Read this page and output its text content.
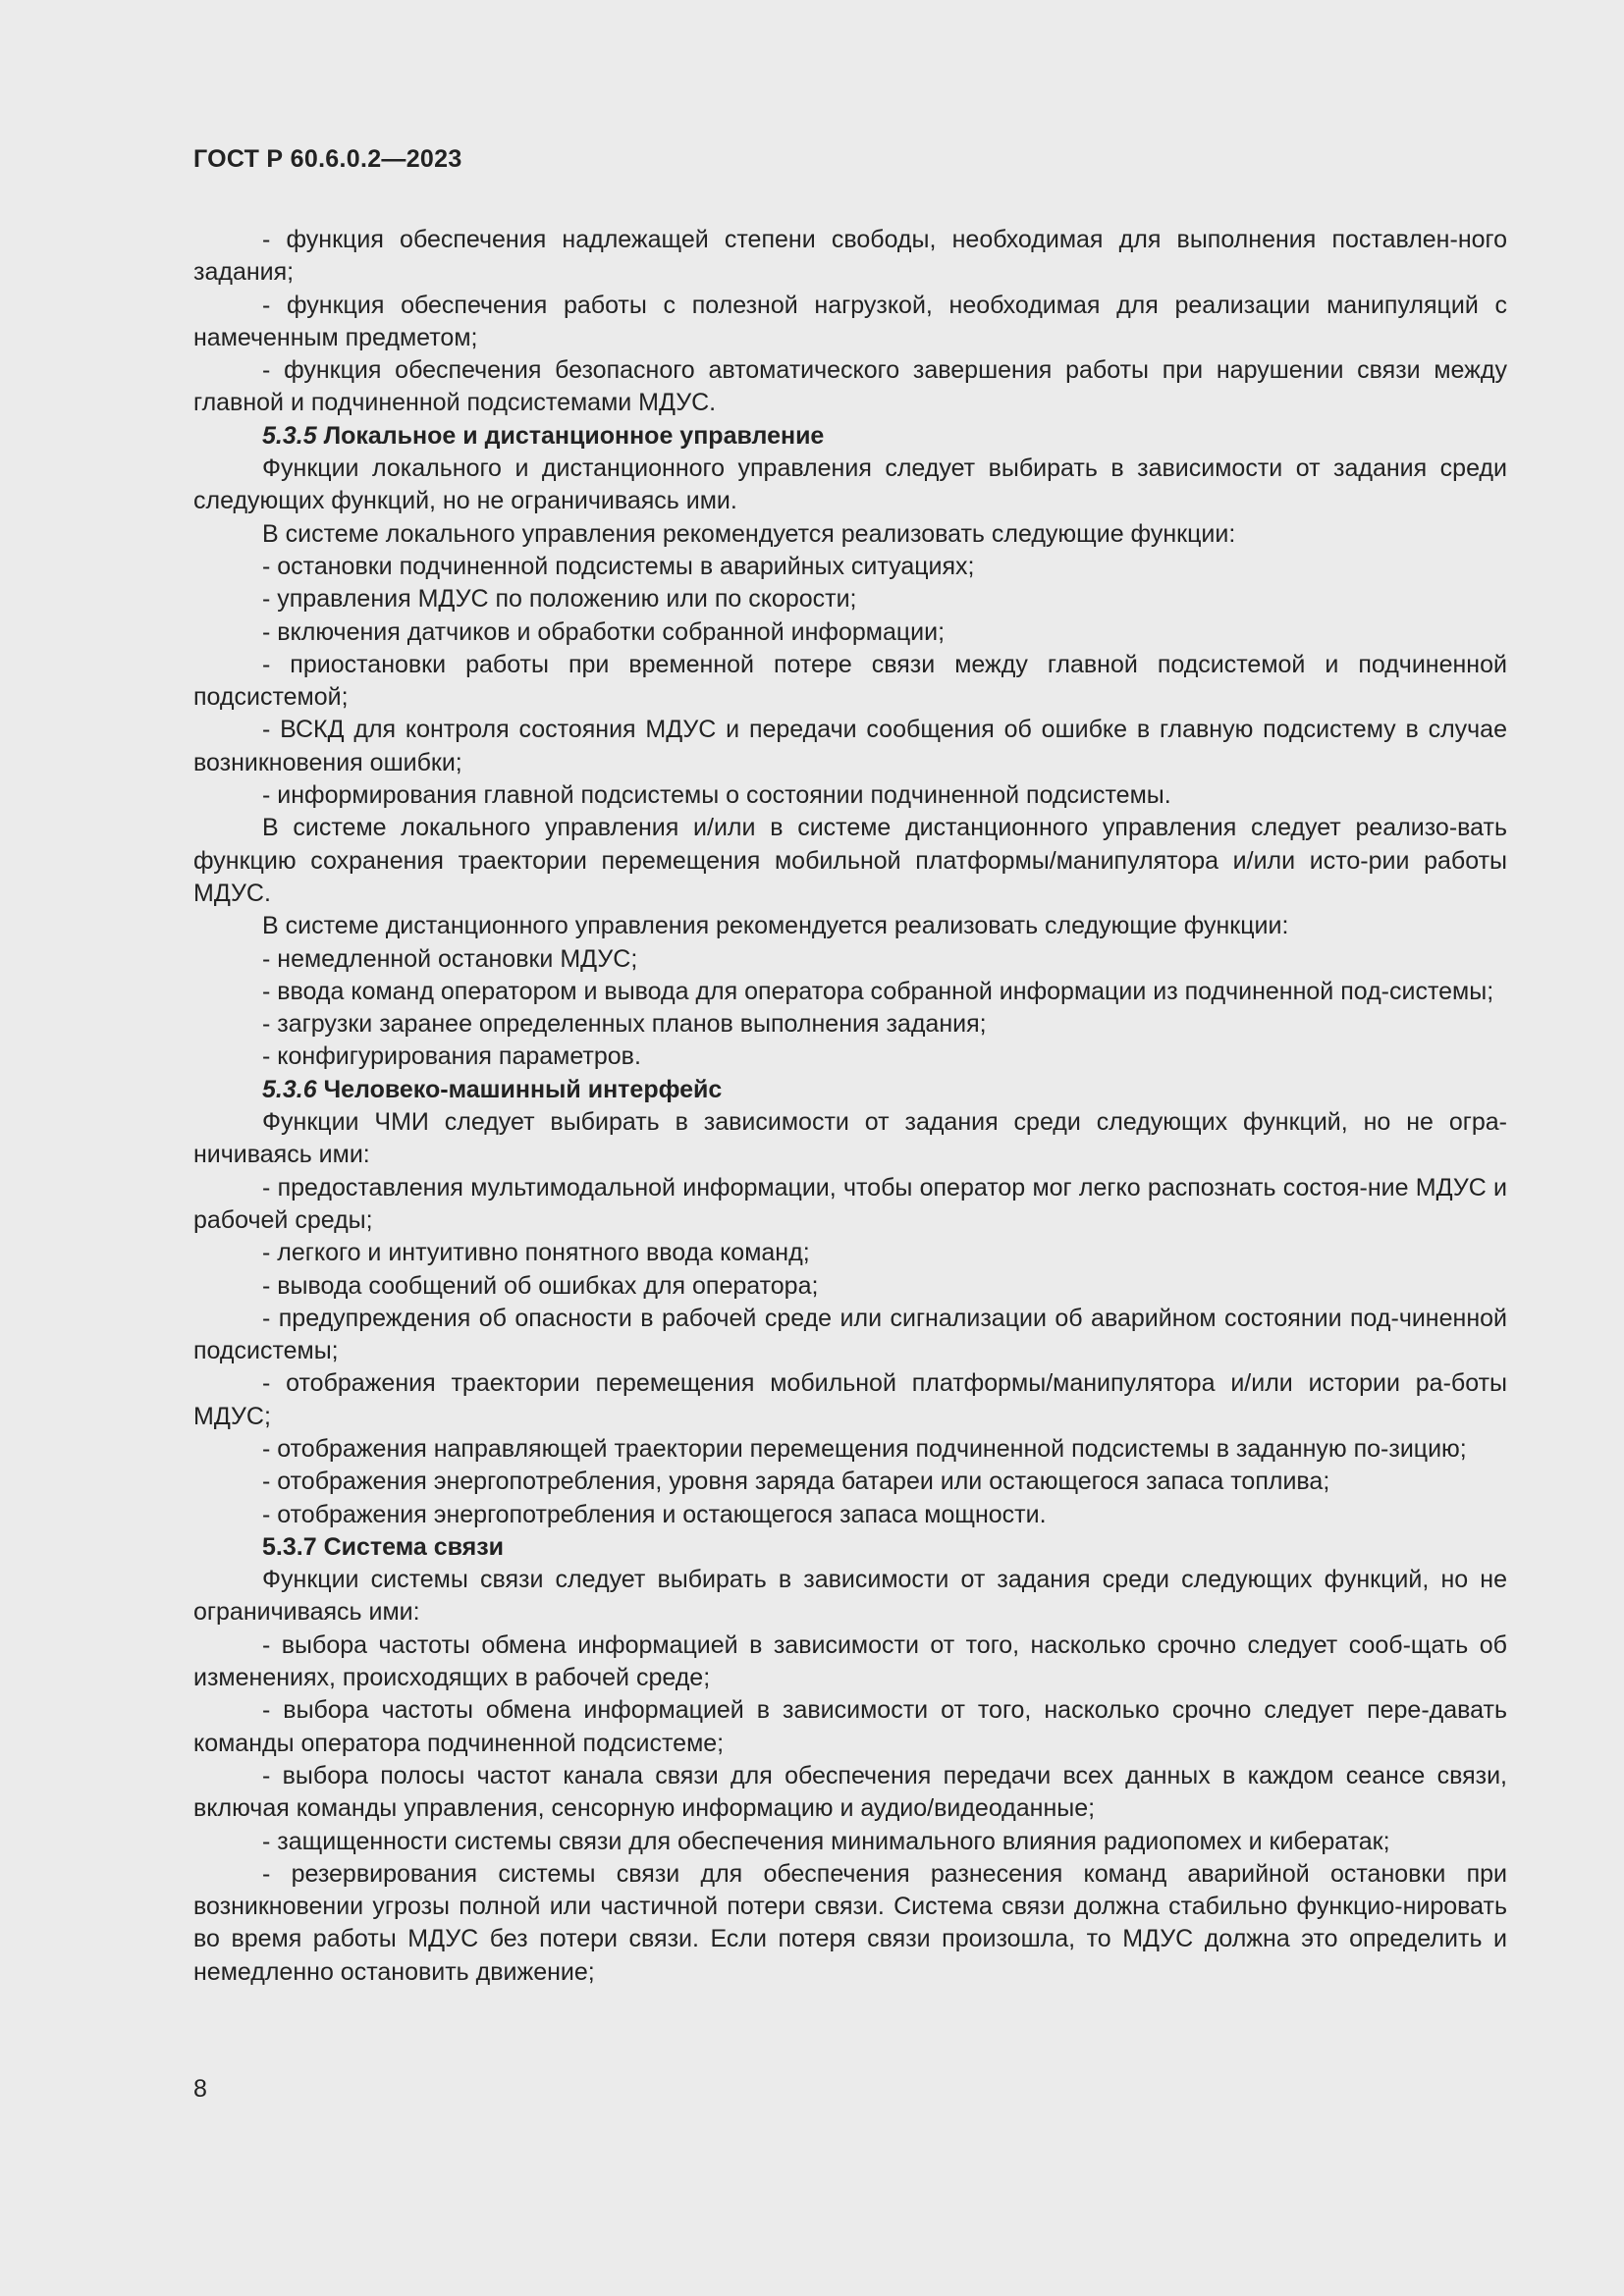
ГОСТ Р 60.6.0.2—2023

- функция обеспечения надлежащей степени свободы, необходимая для выполнения поставлен-ного задания;

- функция обеспечения работы с полезной нагрузкой, необходимая для реализации манипуляций с намеченным предметом;

- функция обеспечения безопасного автоматического завершения работы при нарушении связи между главной и подчиненной подсистемами МДУС.

5.3.5 Локальное и дистанционное управление

Функции локального и дистанционного управления следует выбирать в зависимости от задания среди следующих функций, но не ограничиваясь ими.

В системе локального управления рекомендуется реализовать следующие функции:

- остановки подчиненной подсистемы в аварийных ситуациях;

- управления МДУС по положению или по скорости;

- включения датчиков и обработки собранной информации;

- приостановки работы при временной потере связи между главной подсистемой и подчиненной подсистемой;

- ВСКД для контроля состояния МДУС и передачи сообщения об ошибке в главную подсистему в случае возникновения ошибки;

- информирования главной подсистемы о состоянии подчиненной подсистемы.

В системе локального управления и/или в системе дистанционного управления следует реализо-вать функцию сохранения траектории перемещения мобильной платформы/манипулятора и/или исто-рии работы МДУС.

В системе дистанционного управления рекомендуется реализовать следующие функции:

- немедленной остановки МДУС;

- ввода команд оператором и вывода для оператора собранной информации из подчиненной под-системы;

- загрузки заранее определенных планов выполнения задания;

- конфигурирования параметров.

5.3.6 Человеко-машинный интерфейс

Функции ЧМИ следует выбирать в зависимости от задания среди следующих функций, но не огра-ничиваясь ими:

- предоставления мультимодальной информации, чтобы оператор мог легко распознать состоя-ние МДУС и рабочей среды;

- легкого и интуитивно понятного ввода команд;

- вывода сообщений об ошибках для оператора;

- предупреждения об опасности в рабочей среде или сигнализации об аварийном состоянии под-чиненной подсистемы;

- отображения траектории перемещения мобильной платформы/манипулятора и/или истории ра-боты МДУС;

- отображения направляющей траектории перемещения подчиненной подсистемы в заданную по-зицию;

- отображения энергопотребления, уровня заряда батареи или остающегося запаса топлива;

- отображения энергопотребления и остающегося запаса мощности.

5.3.7 Система связи

Функции системы связи следует выбирать в зависимости от задания среди следующих функций, но не ограничиваясь ими:

- выбора частоты обмена информацией в зависимости от того, насколько срочно следует сооб-щать об изменениях, происходящих в рабочей среде;

- выбора частоты обмена информацией в зависимости от того, насколько срочно следует пере-давать команды оператора подчиненной подсистеме;

- выбора полосы частот канала связи для обеспечения передачи всех данных в каждом сеансе связи, включая команды управления, сенсорную информацию и аудио/видеоданные;

- защищенности системы связи для обеспечения минимального влияния радиопомех и кибератак;

- резервирования системы связи для обеспечения разнесения команд аварийной остановки при возникновении угрозы полной или частичной потери связи. Система связи должна стабильно функцио-нировать во время работы МДУС без потери связи. Если потеря связи произошла, то МДУС должна это определить и немедленно остановить движение;

8
